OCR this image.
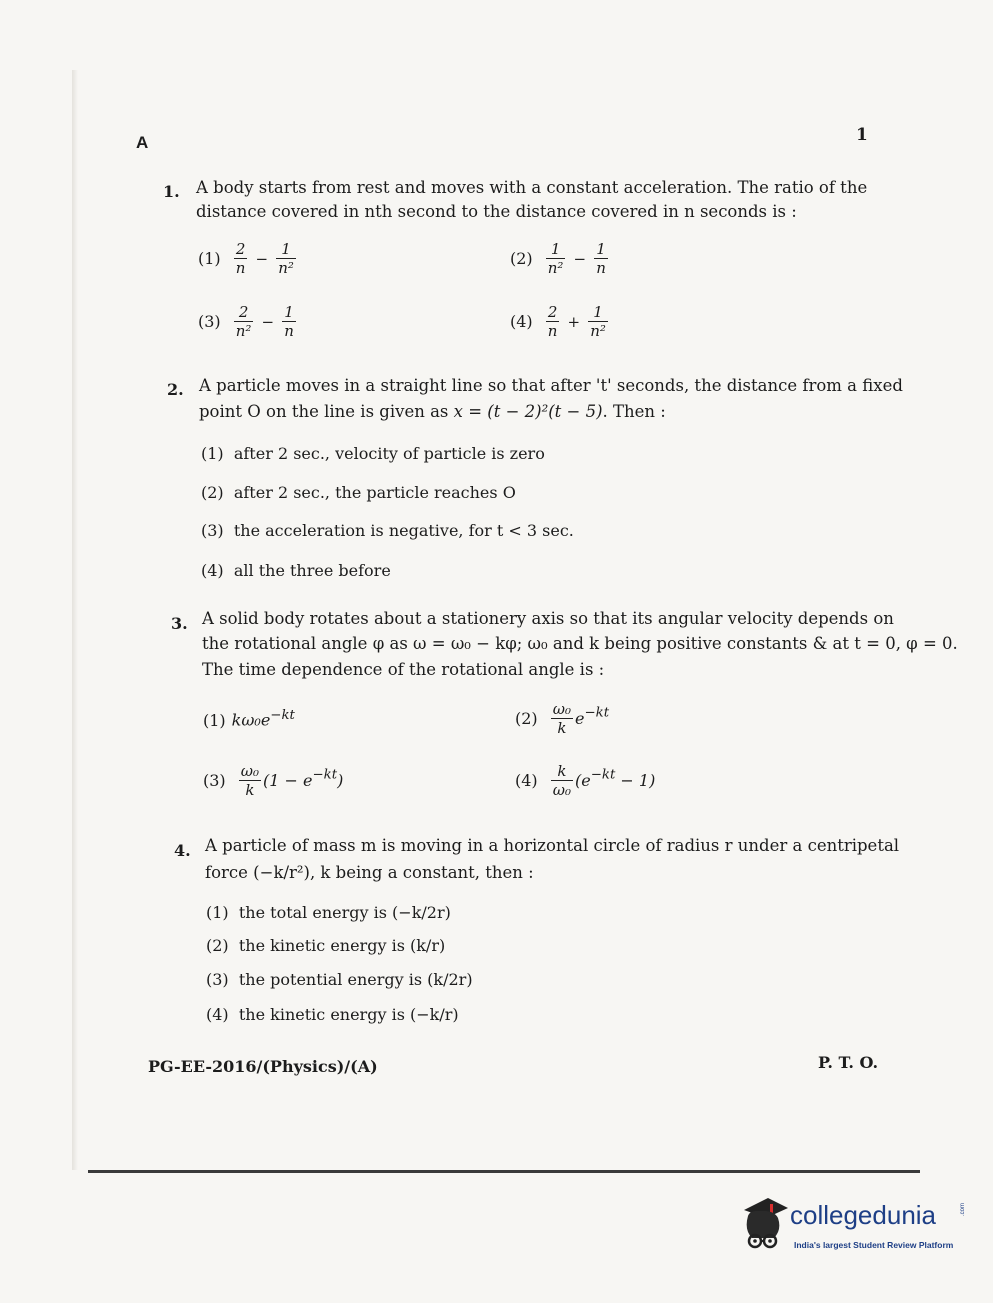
A	1
1. A body starts from rest and moves with a constant acceleration. The ratio of the
distance covered in nth second to the distance covered in n seconds is :
$(1) \frac{2}{n} - \frac{1}{\text{n²}}$	$(2) \frac{1}{\text{n²}} - \frac{1}{n}$
$(3) \frac{2}{\text{n²}} - \frac{1}{n}$	$(4) \frac{2}{n} + \frac{1}{\text{n²}}$
2. A particle moves in a straight line so that after 't' seconds, the distance from a fixed
point O on the line is given as x = (t − 2)²(t − 5). Then :
(1) after 2 sec., velocity of particle is zero
(2) after 2 sec., the particle reaches O
(3) the acceleration is negative, for t < 3 sec.
(4) all the three before
3. A solid body rotates about a stationery axis so that its angular velocity depends on
the rotational angle φ as ω = ω₀ − kφ; ω₀ and k being positive constants & at t = 0, φ = 0.
The time dependence of the rotational angle is :
(1) $k\omega_0e^{-kt}$	$(2) \frac{\text{ω₀}}{k} e^{-kt}$
$(3) \frac{\text{ω₀}}{k} (1 - e^{-kt})$	$(4) \frac{k}{\text{ω₀}} (e^{-kt} - 1)$
4. A particle of mass m is moving in a horizontal circle of radius r under a centripetal
force (−k/r²), k being a constant, then :
(1) the total energy is (−k/2r)
(2) the kinetic energy is (k/r)
(3) the potential energy is (k/2r)
(4) the kinetic energy is (−k/r)
PG-EE-2016/(Physics)/(A)	P. T. O.
collegedunia	.com
India's largest Student Review Platform
